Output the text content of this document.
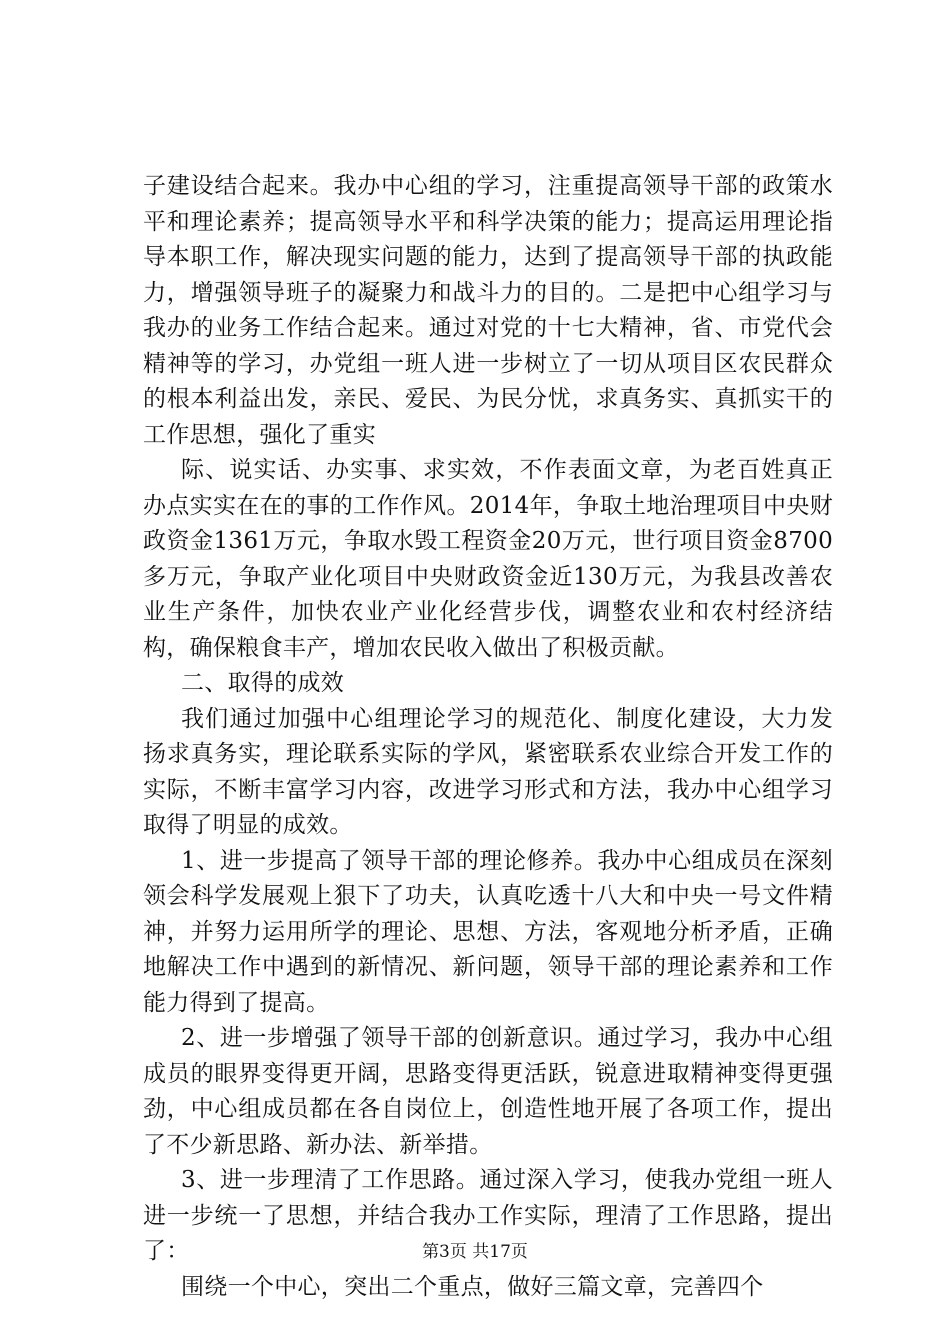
子建设结合起来。我办中心组的学习，注重提高领导干部的政策水平和理论素养；提高领导水平和科学决策的能力；提高运用理论指导本职工作，解决现实问题的能力，达到了提高领导干部的执政能力，增强领导班子的凝聚力和战斗力的目的。二是把中心组学习与我办的业务工作结合起来。通过对党的十七大精神，省、市党代会精神等的学习，办党组一班人进一步树立了一切从项目区农民群众的根本利益出发，亲民、爱民、为民分忧，求真务实、真抓实干的工作思想，强化了重实

际、说实话、办实事、求实效，不作表面文章，为老百姓真正办点实实在在的事的工作作风。2014年，争取土地治理项目中央财政资金1361万元，争取水毁工程资金20万元，世行项目资金8700多万元，争取产业化项目中央财政资金近130万元，为我县改善农业生产条件，加快农业产业化经营步伐，调整农业和农村经济结构，确保粮食丰产，增加农民收入做出了积极贡献。

二、取得的成效

我们通过加强中心组理论学习的规范化、制度化建设，大力发扬求真务实，理论联系实际的学风，紧密联系农业综合开发工作的实际，不断丰富学习内容，改进学习形式和方法，我办中心组学习取得了明显的成效。

1、进一步提高了领导干部的理论修养。我办中心组成员在深刻领会科学发展观上狠下了功夫，认真吃透十八大和中央一号文件精神，并努力运用所学的理论、思想、方法，客观地分析矛盾，正确地解决工作中遇到的新情况、新问题，领导干部的理论素养和工作能力得到了提高。

2、进一步增强了领导干部的创新意识。通过学习，我办中心组成员的眼界变得更开阔，思路变得更活跃，锐意进取精神变得更强劲，中心组成员都在各自岗位上，创造性地开展了各项工作，提出了不少新思路、新办法、新举措。

3、进一步理清了工作思路。通过深入学习，使我办党组一班人进一步统一了思想，并结合我办工作实际，理清了工作思路，提出了：

围绕一个中心，突出二个重点，做好三篇文章，完善四个

第3页 共17页
